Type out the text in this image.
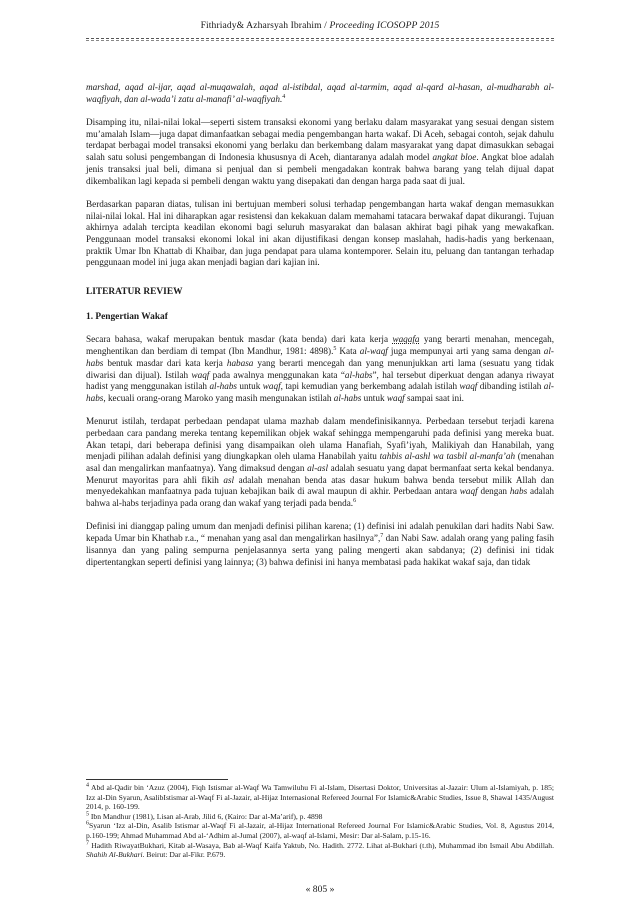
Fithriady& Azharsyah Ibrahim / Proceeding ICOSOPP 2015

marshad, aqad al-ijar, aqad al-muqawalah, aqad al-istibdal, aqad al-tarmim, aqad al-qard al-hasan, al-mudharabh al-waqfiyah, dan al-wada’i zatu al-manafi’ al-waqfiyah.$^4$

Disamping itu, nilai-nilai lokal—seperti sistem transaksi ekonomi yang berlaku dalam masyarakat yang sesuai dengan sistem mu’amalah Islam—juga dapat dimanfaatkan sebagai media pengembangan harta wakaf. Di Aceh, sebagai contoh, sejak dahulu terdapat berbagai model transaksi ekonomi yang berlaku dan berkembang dalam masyarakat yang dapat dimasukkan sebagai salah satu solusi pengembangan di Indonesia khususnya di Aceh, diantaranya adalah model angkat bloe. Angkat bloe adalah jenis transaksi jual beli, dimana si penjual dan si pembeli mengadakan kontrak bahwa barang yang telah dijual dapat dikembalikan lagi kepada si pembeli dengan waktu yang disepakati dan dengan harga pada saat di jual.

Berdasarkan paparan diatas, tulisan ini bertujuan memberi solusi terhadap pengembangan harta wakaf dengan memasukkan nilai-nilai lokal. Hal ini diharapkan agar resistensi dan kekakuan dalam memahami tatacara berwakaf dapat dikurangi. Tujuan akhirnya adalah tercipta keadilan ekonomi bagi seluruh masyarakat dan balasan akhirat bagi pihak yang mewakafkan. Penggunaan model transaksi ekonomi lokal ini akan dijustifikasi dengan konsep maslahah, hadis-hadis yang berkenaan, praktik Umar Ibn Khattab di Khaibar, dan juga pendapat para ulama kontemporer. Selain itu, peluang dan tantangan terhadap penggunaan model ini juga akan menjadi bagian dari kajian ini.

LITERATUR REVIEW
1. Pengertian Wakaf

Secara bahasa, wakaf merupakan bentuk masdar (kata benda) dari kata kerja waqafa yang berarti menahan, mencegah, menghentikan dan berdiam di tempat (Ibn Mandhur, 1981: 4898).$^5$ Kata al-waqf juga mempunyai arti yang sama dengan al-habs bentuk masdar dari kata kerja habasa yang berarti mencegah dan yang menunjukkan arti lama (sesuatu yang tidak diwarisi dan dijual). Istilah waqf pada awalnya menggunakan kata “al-habs”, hal tersebut diperkuat dengan adanya riwayat hadist yang menggunakan istilah al-habs untuk waqf, tapi kemudian yang berkembang adalah istilah waqf dibanding istilah al-habs, kecuali orang-orang Maroko yang masih mengunakan istilah al-habs untuk waqf sampai saat ini.

Menurut istilah, terdapat perbedaan pendapat ulama mazhab dalam mendefinisikannya. Perbedaan tersebut terjadi karena perbedaan cara pandang mereka tentang kepemilikan objek wakaf sehingga mempengaruhi pada definisi yang mereka buat. Akan tetapi, dari beberapa definisi yang disampaikan oleh ulama Hanafiah, Syafi’iyah, Malikiyah dan Hanabilah, yang menjadi pilihan adalah definisi yang diungkapkan oleh ulama Hanabilah yaitu tahbis al-ashl wa tasbil al-manfa’ah (menahan asal dan mengalirkan manfaatnya). Yang dimaksud dengan al-asl adalah sesuatu yang dapat bermanfaat serta kekal bendanya. Menurut mayoritas para ahli fikih asl adalah menahan benda atas dasar hukum bahwa benda tersebut milik Allah dan menyedekahkan manfaatnya pada tujuan kebajikan baik di awal maupun di akhir. Perbedaan antara waqf dengan habs adalah bahwa al-habs terjadinya pada orang dan wakaf yang terjadi pada benda.$^6$

Definisi ini dianggap paling umum dan menjadi definisi pilihan karena; (1) definisi ini adalah penukilan dari hadits Nabi Saw. kepada Umar bin Khathab r.a., “ menahan yang asal dan mengalirkan hasilnya”,$^7$ dan Nabi Saw. adalah orang yang paling fasih lisannya dan yang paling sempurna penjelasannya serta yang paling mengerti akan sabdanya; (2) definisi ini tidak dipertentangkan seperti definisi yang lainnya; (3) bahwa definisi ini hanya membatasi pada hakikat wakaf saja, dan tidak

$^4$ Abd al-Qadir bin ‘Azuz (2004), Fiqh Istismar al-Waqf Wa Tamwiluhu Fi al-Islam, Disertasi Doktor, Universitas al-Jazair: Ulum al-Islamiyah, p. 185; Izz al-Din Syarun, AsalibIstismar al-Waqf Fi al-Jazair, al-Hijaz Internasional Refereed Journal For Islamic&Arabic Studies, Issue 8, Shawal 1435/August 2014, p. 160-199.
$^5$ Ibn Mandhur (1981), Lisan al-Arab, Jilid 6, (Kairo: Dar al-Ma’arif), p. 4898
$^6$Syarun ‘Izz al-Din, Asalib Istismar al-Waqf Fi al-Jazair, al-Hijaz International Refereed Journal For Islamic&Arabic Studies, Vol. 8, Agustus 2014, p.160-199; Ahmad Muhammad Abd al-‘Adhim al-Jumal (2007), al-waqf al-Islami, Mesir: Dar al-Salam, p.15-16.
$^7$ Hadith RiwayatBukhari, Kitab al-Wasaya, Bab al-Waqf Kaifa Yaktub, No. Hadith. 2772. Lihat al-Bukhari (t.th), Muhammad ibn Ismail Abu Abdillah. Shahih Al-Bukhari. Beirut: Dar al-Fikr. P.679.
« 805 »
